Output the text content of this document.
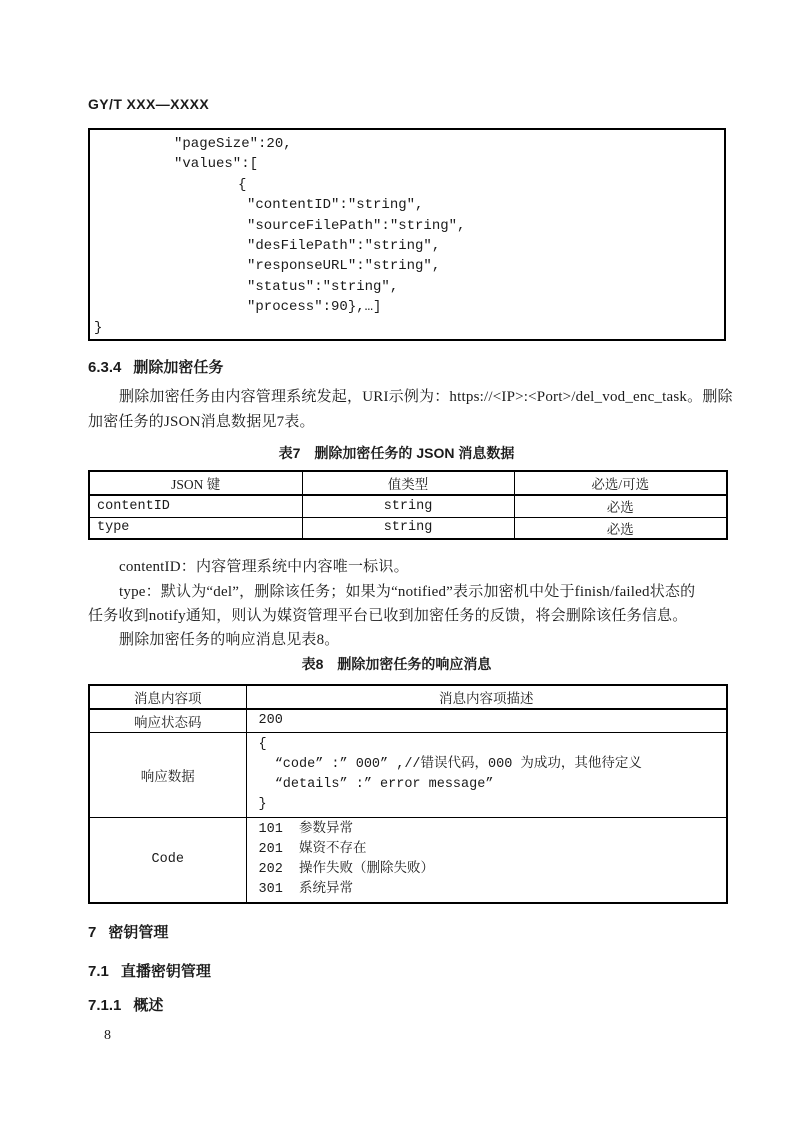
GY/T XXX—XXXX
"pageSize":20,
"values":[
{
"contentID":"string",
"sourceFilePath":"string",
"desFilePath":"string",
"responseURL":"string",
"status":"string",
"process":90},…]
}
6.3.4 删除加密任务
删除加密任务由内容管理系统发起，URI示例为：https://<IP>:<Port>/del_vod_enc_task。删除
加密任务的JSON消息数据见7表。
表7 删除加密任务的 JSON 消息数据
JSON 键	值类型	必选/可选
contentID	string	必选
type	string	必选
contentID：内容管理系统中内容唯一标识。
type：默认为“del”，删除该任务；如果为“notified”表示加密机中处于finish/failed状态的
任务收到notify通知，则认为媒资管理平台已收到加密任务的反馈，将会删除该任务信息。
删除加密任务的响应消息见表8。
表8 删除加密任务的响应消息
消息内容项	消息内容项描述
响应状态码	200
响应数据	{
“code” :” 000” ,//错误代码，000 为成功，其他待定义
“details” :” error message”
}

Code	101  参数异常
201  媒资不存在
202  操作失败（删除失败）
301  系统异常
7 密钥管理
7.1 直播密钥管理
7.1.1 概述
8
